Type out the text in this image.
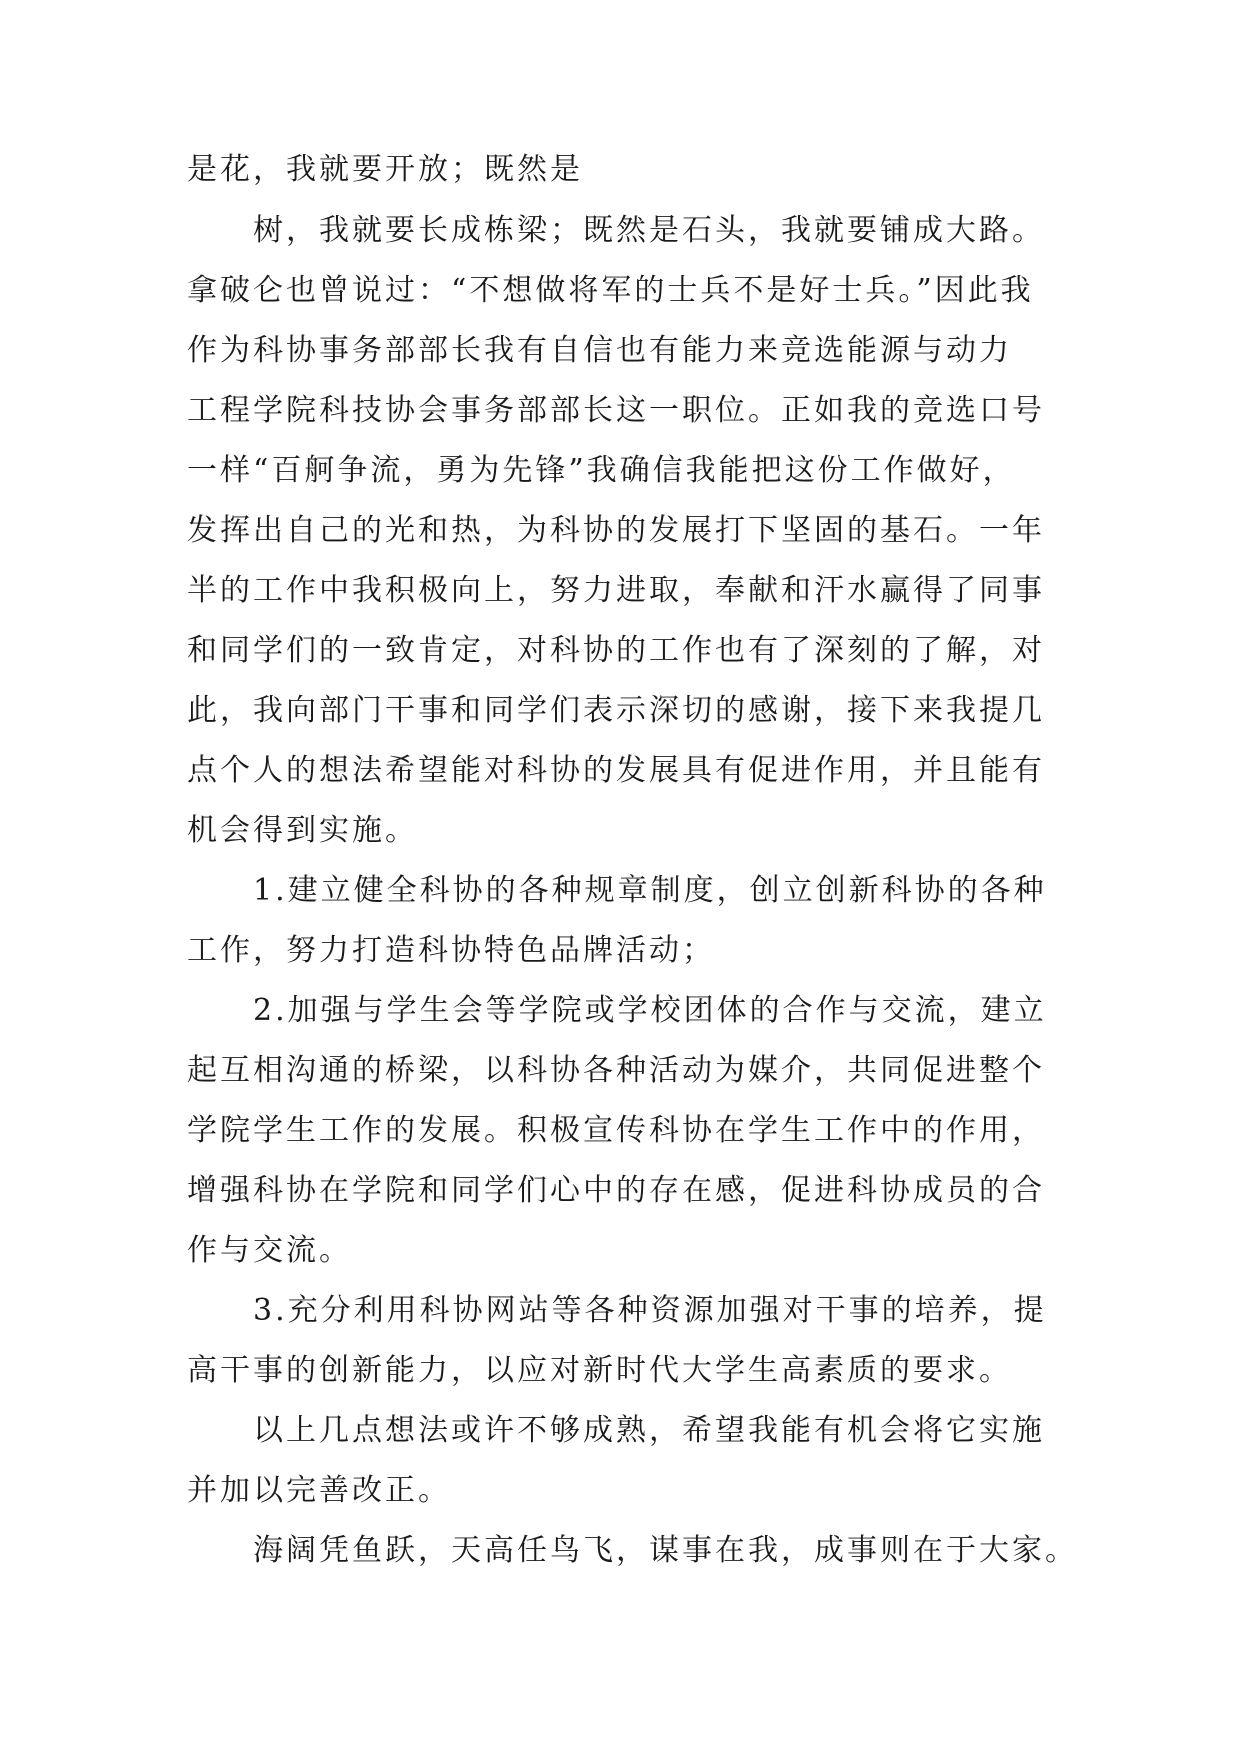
是花，我就要开放；既然是
树，我就要长成栋梁；既然是石头，我就要铺成大路。
拿破仑也曾说过：“不想做将军的士兵不是好士兵。”因此我
作为科协事务部部长我有自信也有能力来竞选能源与动力
工程学院科技协会事务部部长这一职位。正如我的竞选口号
一样“百舸争流，勇为先锋”我确信我能把这份工作做好，
发挥出自己的光和热，为科协的发展打下坚固的基石。一年
半的工作中我积极向上，努力进取，奉献和汗水赢得了同事
和同学们的一致肯定，对科协的工作也有了深刻的了解，对
此，我向部门干事和同学们表示深切的感谢，接下来我提几
点个人的想法希望能对科协的发展具有促进作用，并且能有
机会得到实施。
1.建立健全科协的各种规章制度，创立创新科协的各种
工作，努力打造科协特色品牌活动；
2.加强与学生会等学院或学校团体的合作与交流，建立
起互相沟通的桥梁，以科协各种活动为媒介，共同促进整个
学院学生工作的发展。积极宣传科协在学生工作中的作用，
增强科协在学院和同学们心中的存在感，促进科协成员的合
作与交流。
3.充分利用科协网站等各种资源加强对干事的培养，提
高干事的创新能力，以应对新时代大学生高素质的要求。
以上几点想法或许不够成熟，希望我能有机会将它实施
并加以完善改正。
海阔凭鱼跃，天高任鸟飞，谋事在我，成事则在于大家。
